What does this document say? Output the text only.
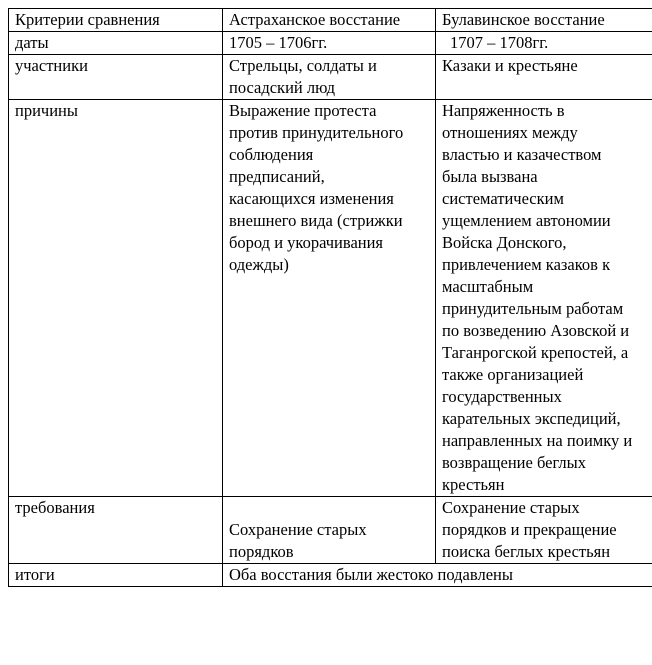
Критерии сравнения	Астраханское восстание	Булавинское восстание

даты	1705 – 1706гг.	1707 – 1708гг.

участники	Стрельцы, солдаты и посадский люд	Казаки и крестьяне

причины	Выражение протеста против принудительного соблюдения предписаний, касающихся изменения внешнего вида (стрижки бород и укорачивания одежды)	Напряженность в отношениях между властью и казачеством была вызвана систематическим ущемлением автономии Войска Донского, привлечением казаков к масштабным принудительным работам по возведению Азовской и Таганрогской крепостей, а также организацией государственных карательных экспедиций, направленных на поимку и возвращение беглых крестьян

требования	Сохранение старых порядков	Сохранение старых порядков и прекращение поиска беглых крестьян

итоги	Оба восстания были жестоко подавлены	
